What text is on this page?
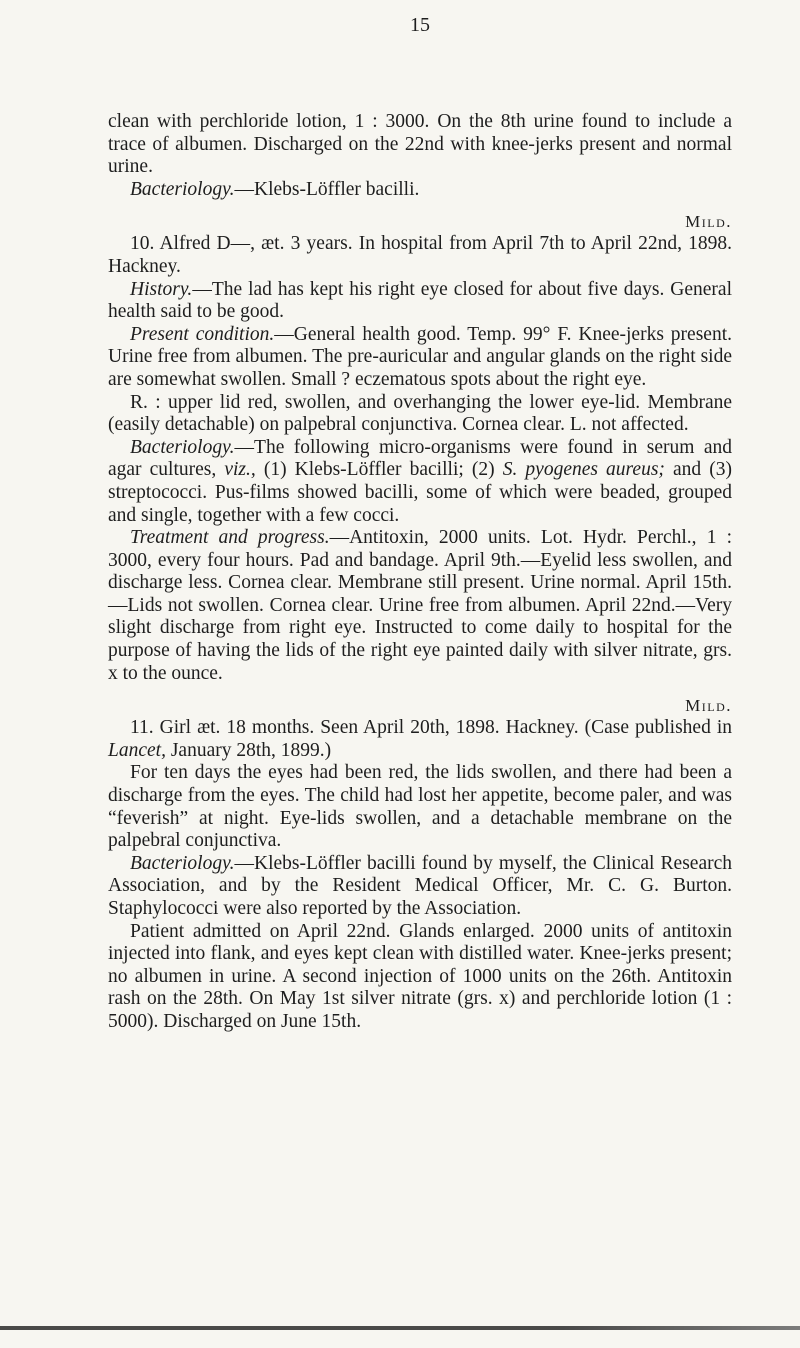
15

clean with perchloride lotion, 1 : 3000. On the 8th urine found to include a trace of albumen. Discharged on the 22nd with knee-jerks present and normal urine.

Bacteriology.—Klebs-Löffler bacilli.

Mild.

10. Alfred D—, æt. 3 years. In hospital from April 7th to April 22nd, 1898. Hackney.

History.—The lad has kept his right eye closed for about five days. General health said to be good.

Present condition.—General health good. Temp. 99° F. Knee-jerks present. Urine free from albumen. The pre-auricular and angular glands on the right side are somewhat swollen. Small ? eczematous spots about the right eye.

R. : upper lid red, swollen, and overhanging the lower eye-lid. Membrane (easily detachable) on palpebral conjunctiva. Cornea clear. L. not affected.

Bacteriology.—The following micro-organisms were found in serum and agar cultures, viz., (1) Klebs-Löffler bacilli; (2) S. pyogenes aureus; and (3) streptococci. Pus-films showed bacilli, some of which were beaded, grouped and single, together with a few cocci.

Treatment and progress.—Antitoxin, 2000 units. Lot. Hydr. Perchl., 1 : 3000, every four hours. Pad and bandage. April 9th.—Eyelid less swollen, and discharge less. Cornea clear. Membrane still present. Urine normal. April 15th.—Lids not swollen. Cornea clear. Urine free from albumen. April 22nd.—Very slight discharge from right eye. Instructed to come daily to hospital for the purpose of having the lids of the right eye painted daily with silver nitrate, grs. x to the ounce.

Mild.

11. Girl æt. 18 months. Seen April 20th, 1898. Hackney. (Case published in Lancet, January 28th, 1899.)

For ten days the eyes had been red, the lids swollen, and there had been a discharge from the eyes. The child had lost her appetite, become paler, and was “feverish” at night. Eye-lids swollen, and a detachable membrane on the palpebral conjunctiva.

Bacteriology.—Klebs-Löffler bacilli found by myself, the Clinical Research Association, and by the Resident Medical Officer, Mr. C. G. Burton. Staphylococci were also reported by the Association.

Patient admitted on April 22nd. Glands enlarged. 2000 units of antitoxin injected into flank, and eyes kept clean with distilled water. Knee-jerks present; no albumen in urine. A second injection of 1000 units on the 26th. Antitoxin rash on the 28th. On May 1st silver nitrate (grs. x) and perchloride lotion (1 : 5000). Discharged on June 15th.
